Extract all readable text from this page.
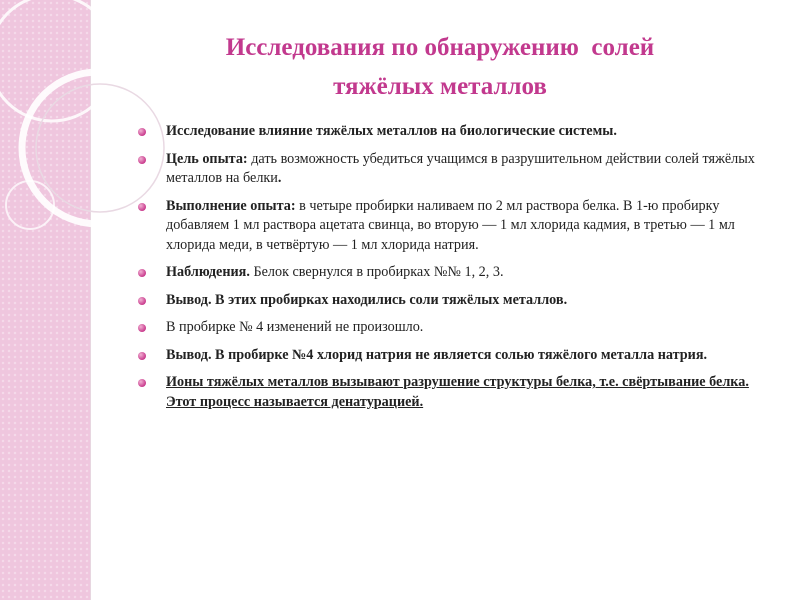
Исследования по обнаружению  солей
тяжёлых металлов
Исследование влияние тяжёлых металлов на биологические системы.
Цель опыта: дать возможность убедиться учащимся в разрушительном действии солей тяжёлых металлов на белки.
Выполнение опыта: в четыре пробирки наливаем по 2 мл раствора белка. В 1-ю пробирку добавляем 1 мл раствора ацетата свинца, во вторую — 1 мл хлорида кадмия, в третью — 1 мл хлорида меди, в четвёртую — 1 мл хлорида натрия.
Наблюдения. Белок свернулся в пробирках №№ 1, 2, 3.
Вывод. В этих пробирках находились соли тяжёлых металлов.
В пробирке № 4 изменений не произошло.
Вывод. В пробирке №4 хлорид натрия не является солью тяжёлого металла натрия.
Ионы тяжёлых металлов вызывают разрушение структуры белка, т.е. свёртывание белка. Этот процесс называется денатурацией.
